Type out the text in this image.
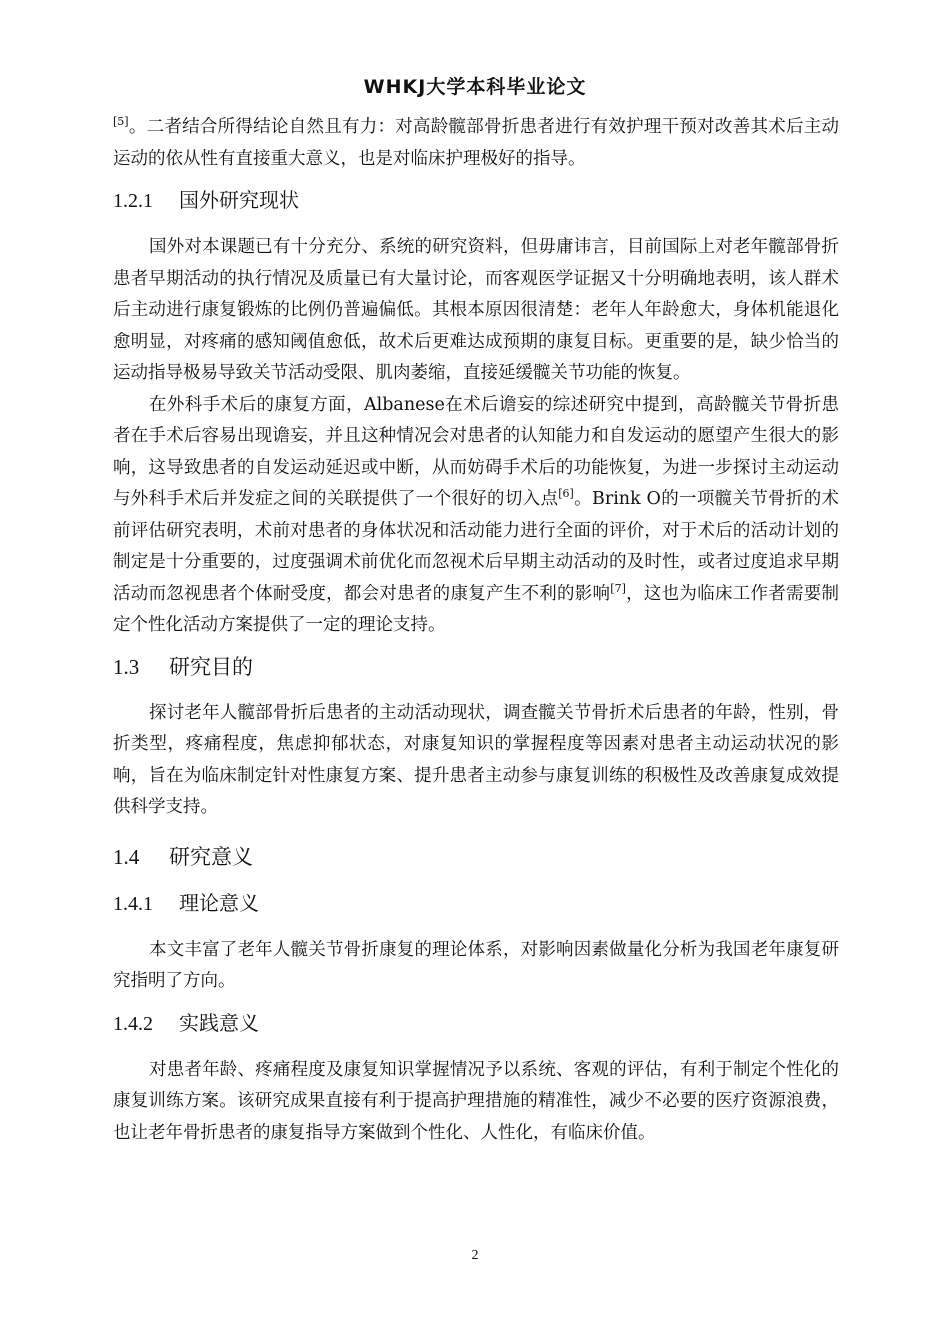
WHKJ大学本科毕业论文

[5]。二者结合所得结论自然且有力：对高龄髋部骨折患者进行有效护理干预对改善其术后主动运动的依从性有直接重大意义，也是对临床护理极好的指导。

1.2.1 国外研究现状

国外对本课题已有十分充分、系统的研究资料，但毋庸讳言，目前国际上对老年髋部骨折患者早期活动的执行情况及质量已有大量讨论，而客观医学证据又十分明确地表明，该人群术后主动进行康复锻炼的比例仍普遍偏低。其根本原因很清楚：老年人年龄愈大，身体机能退化愈明显，对疼痛的感知阈值愈低，故术后更难达成预期的康复目标。更重要的是，缺少恰当的运动指导极易导致关节活动受限、肌肉萎缩，直接延缓髋关节功能的恢复。

在外科手术后的康复方面，Albanese在术后谵妄的综述研究中提到，高龄髋关节骨折患者在手术后容易出现谵妄，并且这种情况会对患者的认知能力和自发运动的愿望产生很大的影响，这导致患者的自发运动延迟或中断，从而妨碍手术后的功能恢复，为进一步探讨主动运动与外科手术后并发症之间的关联提供了一个很好的切入点[6]。Brink O的一项髋关节骨折的术前评估研究表明，术前对患者的身体状况和活动能力进行全面的评价，对于术后的活动计划的制定是十分重要的，过度强调术前优化而忽视术后早期主动活动的及时性，或者过度追求早期活动而忽视患者个体耐受度，都会对患者的康复产生不利的影响[7]，这也为临床工作者需要制定个性化活动方案提供了一定的理论支持。

1.3 研究目的

探讨老年人髋部骨折后患者的主动活动现状，调查髋关节骨折术后患者的年龄，性别，骨折类型，疼痛程度，焦虑抑郁状态，对康复知识的掌握程度等因素对患者主动运动状况的影响，旨在为临床制定针对性康复方案、提升患者主动参与康复训练的积极性及改善康复成效提供科学支持。

1.4 研究意义
1.4.1 理论意义

本文丰富了老年人髋关节骨折康复的理论体系，对影响因素做量化分析为我国老年康复研究指明了方向。

1.4.2 实践意义

对患者年龄、疼痛程度及康复知识掌握情况予以系统、客观的评估，有利于制定个性化的康复训练方案。该研究成果直接有利于提高护理措施的精准性，减少不必要的医疗资源浪费，也让老年骨折患者的康复指导方案做到个性化、人性化，有临床价值。

2
